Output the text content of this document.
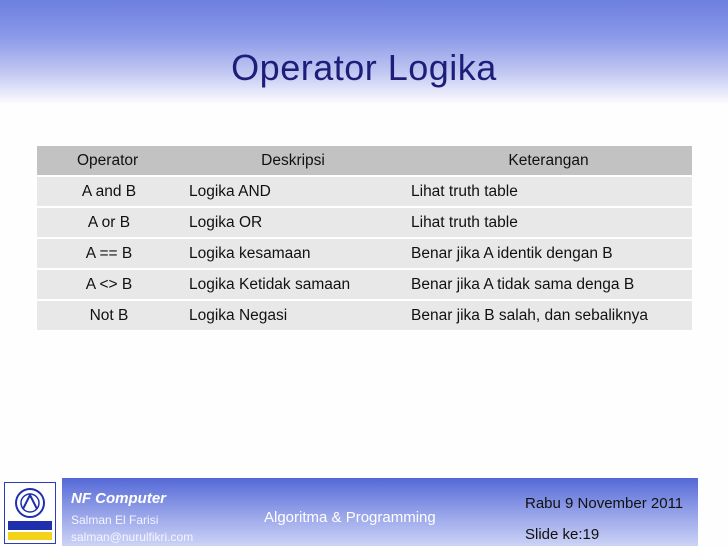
Operator Logika
Operator	Deskripsi	Keterangan
A and B	Logika AND	Lihat truth table
A or B	Logika OR	Lihat truth table
A == B	Logika kesamaan	Benar jika A identik dengan B
A <> B	Logika Ketidak samaan	Benar jika A tidak sama denga B
Not B	Logika Negasi	Benar jika B salah, dan sebaliknya
NF Computer
Salman El Farisi
salman@nurulfikri.com
Algoritma & Programming
Rabu 9 November 2011
Slide ke:19
